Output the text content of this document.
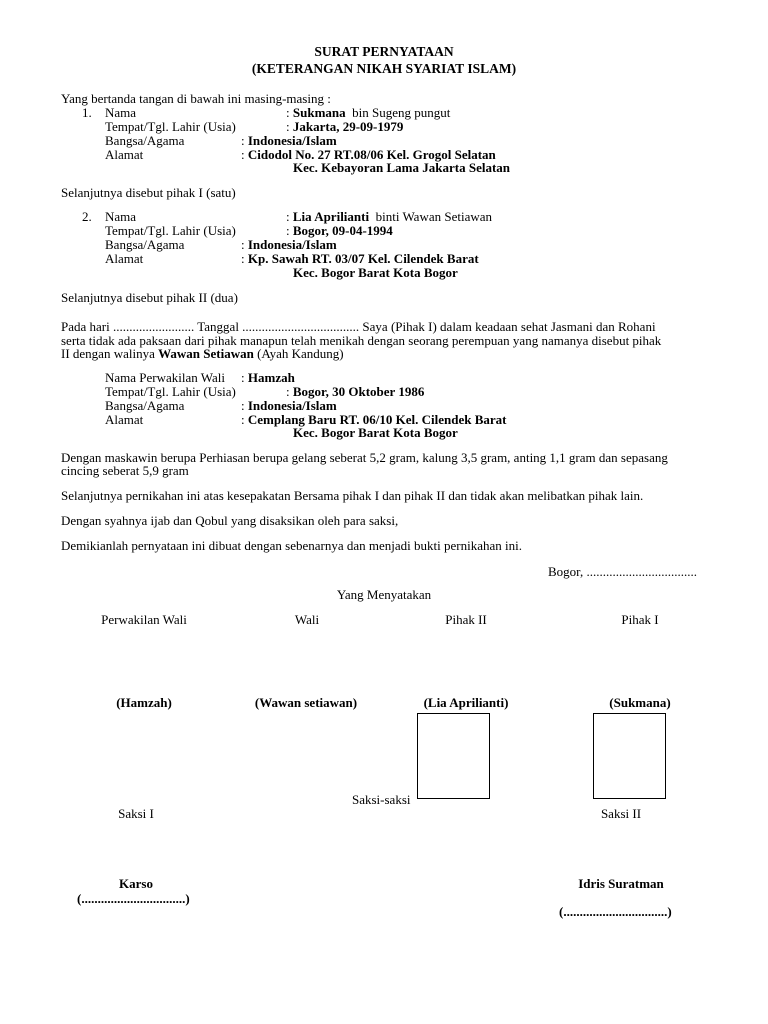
SURAT PERNYATAAN
(KETERANGAN NIKAH SYARIAT ISLAM)
Yang bertanda tangan di bawah ini masing-masing :
1. Nama	: Sukmana bin Sugeng pungut
Tempat/Tgl. Lahir (Usia)	: Jakarta, 29-09-1979
Bangsa/Agama	: Indonesia/Islam
Alamat	: Cidodol No. 27 RT.08/06 Kel. Grogol Selatan
Kec. Kebayoran Lama Jakarta Selatan
Selanjutnya disebut pihak I (satu)
2. Nama	: Lia Aprilianti binti Wawan Setiawan
Tempat/Tgl. Lahir (Usia)	: Bogor, 09-04-1994
Bangsa/Agama	: Indonesia/Islam
Alamat	: Kp. Sawah RT. 03/07 Kel. Cilendek Barat
Kec. Bogor Barat Kota Bogor
Selanjutnya disebut pihak II (dua)
Pada hari ......................... Tanggal .................................... Saya (Pihak I) dalam keadaan sehat Jasmani dan Rohani
serta tidak ada paksaan dari pihak manapun telah menikah dengan seorang perempuan yang namanya disebut pihak
II dengan walinya Wawan Setiawan (Ayah Kandung)
Nama Perwakilan Wali : Hamzah
Tempat/Tgl. Lahir (Usia)	: Bogor, 30 Oktober 1986
Bangsa/Agama	: Indonesia/Islam
Alamat	: Cemplang Baru RT. 06/10 Kel. Cilendek Barat
Kec. Bogor Barat Kota Bogor
Dengan maskawin berupa Perhiasan berupa gelang seberat 5,2 gram, kalung 3,5 gram, anting 1,1 gram dan sepasang
cincing seberat 5,9 gram
Selanjutnya pernikahan ini atas kesepakatan Bersama pihak I dan pihak II dan tidak akan melibatkan pihak lain.
Dengan syahnya ijab dan Qobul yang disaksikan oleh para saksi,
Demikianlah pernyataan ini dibuat dengan sebenarnya dan menjadi bukti pernikahan ini.
Bogor, ..................................
Yang Menyatakan
Perwakilan Wali	Wali	Pihak II	Pihak I
(Hamzah)	(Wawan setiawan)	(Lia Aprilianti)	(Sukmana)
Saksi-saksi
Saksi I	Saksi II
Karso	Idris Suratman
(................................)
(................................)
